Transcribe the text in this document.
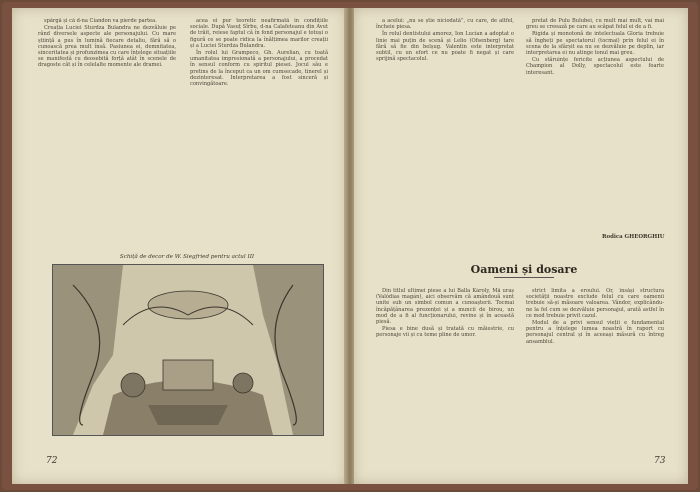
spărgă și că d-na Ciandon va pierde partea.

Creația Luciei Sturdza Bulandra ne dezvăluie pe rând diversele aspecte ale personajului. Cu mare știință a pus în lumină fiecare detaliu, fără să o cunoască prea mult însă. Pasiunea ei, demnitatea, sinceritatea și profunzimea cu care înțelege situațiile se manifestă cu deosebită forță atât în scenele de dragoste cât și în celelalte momente ale dramei.

acea ei pur teoretic neafirmată în condițiile sociale. După Vasuț Sîrbu, d-na Calafeteanu din Avut de trăit, reiese faptul că în fond personajul e totuși o figură ce se poate ridica la înălțimea marilor creații și a Luciei Sturdza Bulandra.

În rolul lui Grampeco, Gh. Aurelian, cu toată umanitatea impresionată a personajului, a procedat în sensul conform cu spiritul piesei. Jocul său e pretins de la început ca un om cumsecade, tinerel și dezinteresat. Interpretarea a fost sinceră și convingătoare.

Schiță de decor de W. Siegfried pentru actul III
72

a acelui: „nu se știe niciodată”, cu care, de altfel, încheie piesa.

În rolul dentistului amorez, Ion Lucian a adoptat o linie mai puțin de scenă și Lelio (Ofsenberg) tare fără să fie din belșug. Valentin este interpretat subtil, cu un efort ce nu poate fi negat și care sprijină spectacolul.

pretat de Pulu Bulubei, cu mult mai mult, vai mai greu se creează pe care au scăpat felul ei de a fi.

Rigida și monotonă de intelectuala Gloria trebuie să îngheți pe spectatorul (tocmai) prin felul ei în scena de la sfârșit ea nu se dezvăluie pe deplin, iar interpretarea ei nu atinge tonul mai greu.

Cu stăruințe fericite acțiunea aspectului de Champion al Dolly, spectacolul este foarte interesant.

Rodica GHEORGHIU
Oameni și dosare

Din titlul ultimei piese a lui Balla Károly, Mă uraș (Valódias magán), aici observăm că amândouă sunt unite sub un simbol comun a cunoașterii. Tocmai încăpățânarea prezenței și a muncii de birou, un mod de a fi al funcționarului, revine și în această piesă.

Piesa e bine dusă și tratată cu măiestrie, cu personaje vii și cu teme pline de umor.

strict limita a eroului. Or, însăși structura societății noastre exclude felul cu care oamenii trebuie să-și măsoare valoarea. Vândor, explicându-ne la fel cum se dezvăluie personajul, arată astfel în ce mod trebuie privit cazul.

Modul de a privi sensul vieții e fundamental pentru a înțelege lumea noastră în raport cu personajul central și în aceeași măsură cu întreg ansamblul.

73
